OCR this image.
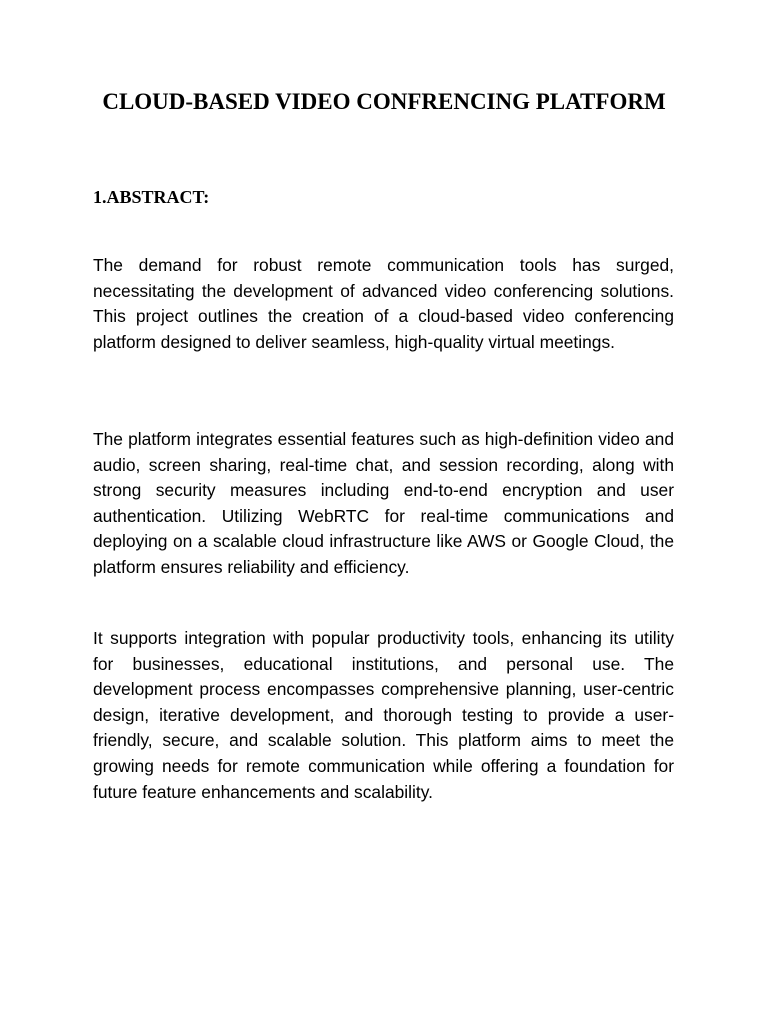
CLOUD-BASED VIDEO CONFRENCING PLATFORM
1.ABSTRACT:

The demand for robust remote communication tools has surged, necessitating the development of advanced video conferencing solutions. This project outlines the creation of a cloud-based video conferencing platform designed to deliver seamless, high-quality virtual meetings.

The platform integrates essential features such as high-definition video and audio, screen sharing, real-time chat, and session recording, along with strong security measures including end-to-end encryption and user authentication. Utilizing WebRTC for real-time communications and deploying on a scalable cloud infrastructure like AWS or Google Cloud, the platform ensures reliability and efficiency.

It supports integration with popular productivity tools, enhancing its utility for businesses, educational institutions, and personal use. The development process encompasses comprehensive planning, user-centric design, iterative development, and thorough testing to provide a user-friendly, secure, and scalable solution. This platform aims to meet the growing needs for remote communication while offering a foundation for future feature enhancements and scalability.
